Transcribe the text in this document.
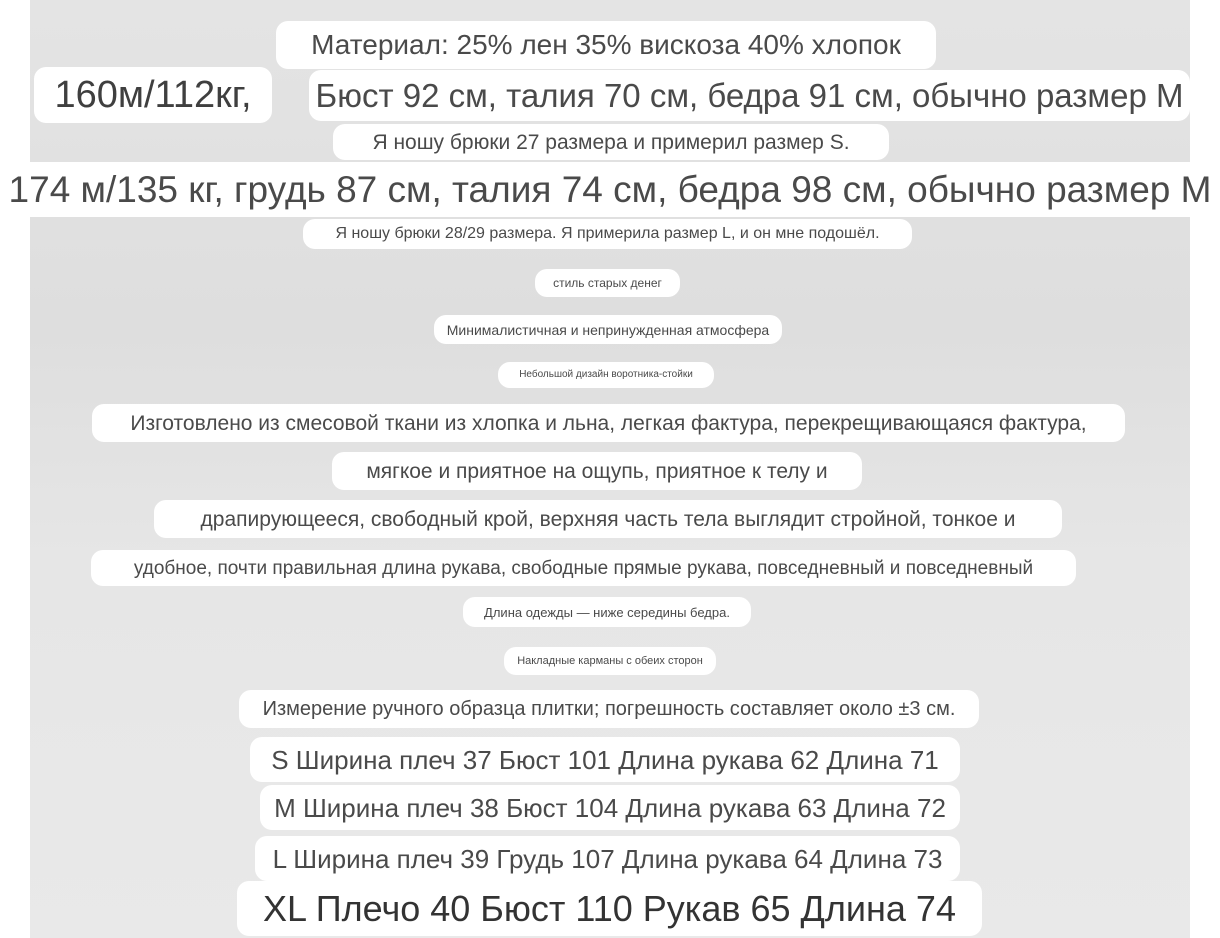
Материал: 25% лен 35% вискоза 40% хлопок
160м/112кг,	Бюст 92 см, талия 70 см, бедра 91 см, обычно размер M
Я ношу брюки 27 размера и примерил размер S.
174 м/135 кг, грудь 87 см, талия 74 см, бедра 98 см, обычно размер M
Я ношу брюки 28/29 размера. Я примерила размер L, и он мне подошёл.
стиль старых денег
Минималистичная и непринужденная атмосфера
Небольшой дизайн воротника-стойки
Изготовлено из смесовой ткани из хлопка и льна, легкая фактура, перекрещивающаяся фактура,
мягкое и приятное на ощупь, приятное к телу и
драпирующееся, свободный крой, верхняя часть тела выглядит стройной, тонкое и
удобное, почти правильная длина рукава, свободные прямые рукава, повседневный и повседневный
Длина одежды — ниже середины бедра.
Накладные карманы с обеих сторон
Измерение ручного образца плитки; погрешность составляет около ±3 см.
S Ширина плеч 37 Бюст 101 Длина рукава 62 Длина 71
M Ширина плеч 38 Бюст 104 Длина рукава 63 Длина 72
L Ширина плеч 39 Грудь 107 Длина рукава 64 Длина 73
XL Плечо 40 Бюст 110 Рукав 65 Длина 74
